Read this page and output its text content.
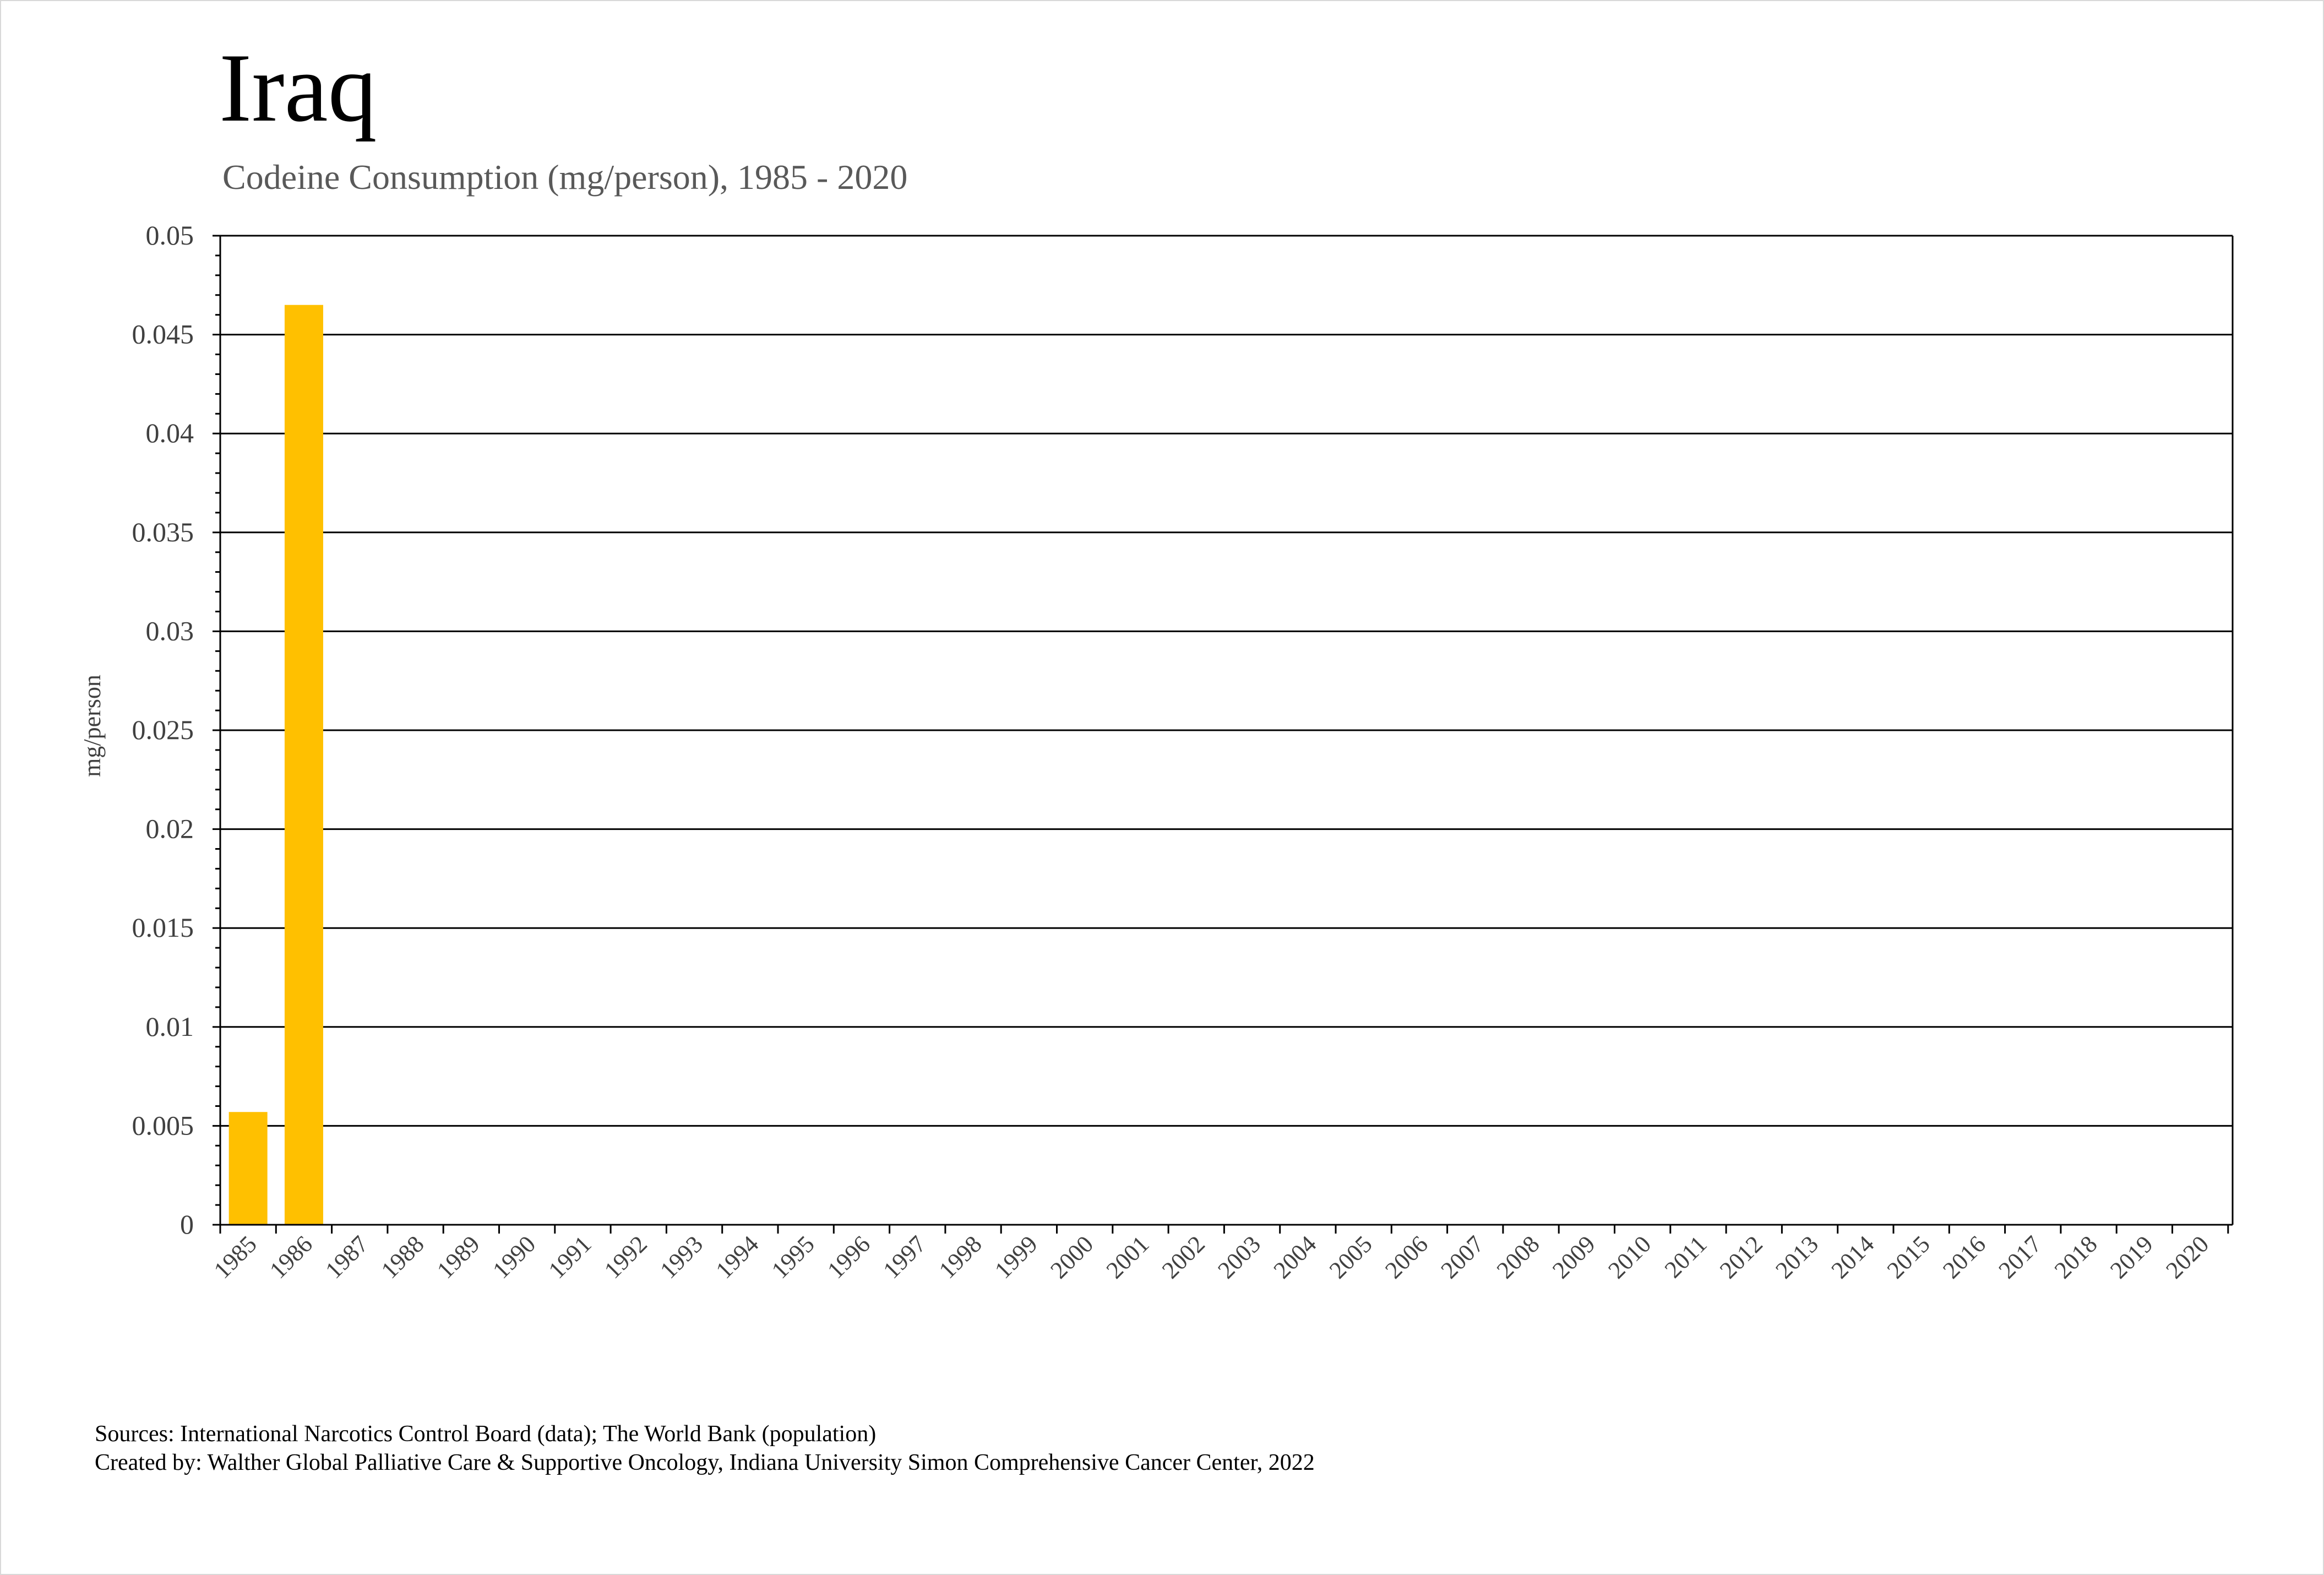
Iraq
Codeine Consumption (mg/person), 1985 - 2020
0
0.005
0.01
0.015
0.02
0.025
0.03
0.035
0.04
0.045
0.05
1985 1986 1987 1988 1989 1990 1991 1992 1993 1994 1995 1996 1997 1998 1999 2000 2001 2002 2003 2004 2005 2006 2007 2008 2009 2010 2011 2012 2013 2014 2015 2016 2017 2018 2019 2020
mg/person
Sources: International Narcotics Control Board (data); The World Bank (population)
Created by: Walther Global Palliative Care & Supportive Oncology, Indiana University Simon Comprehensive Cancer Center, 2022
